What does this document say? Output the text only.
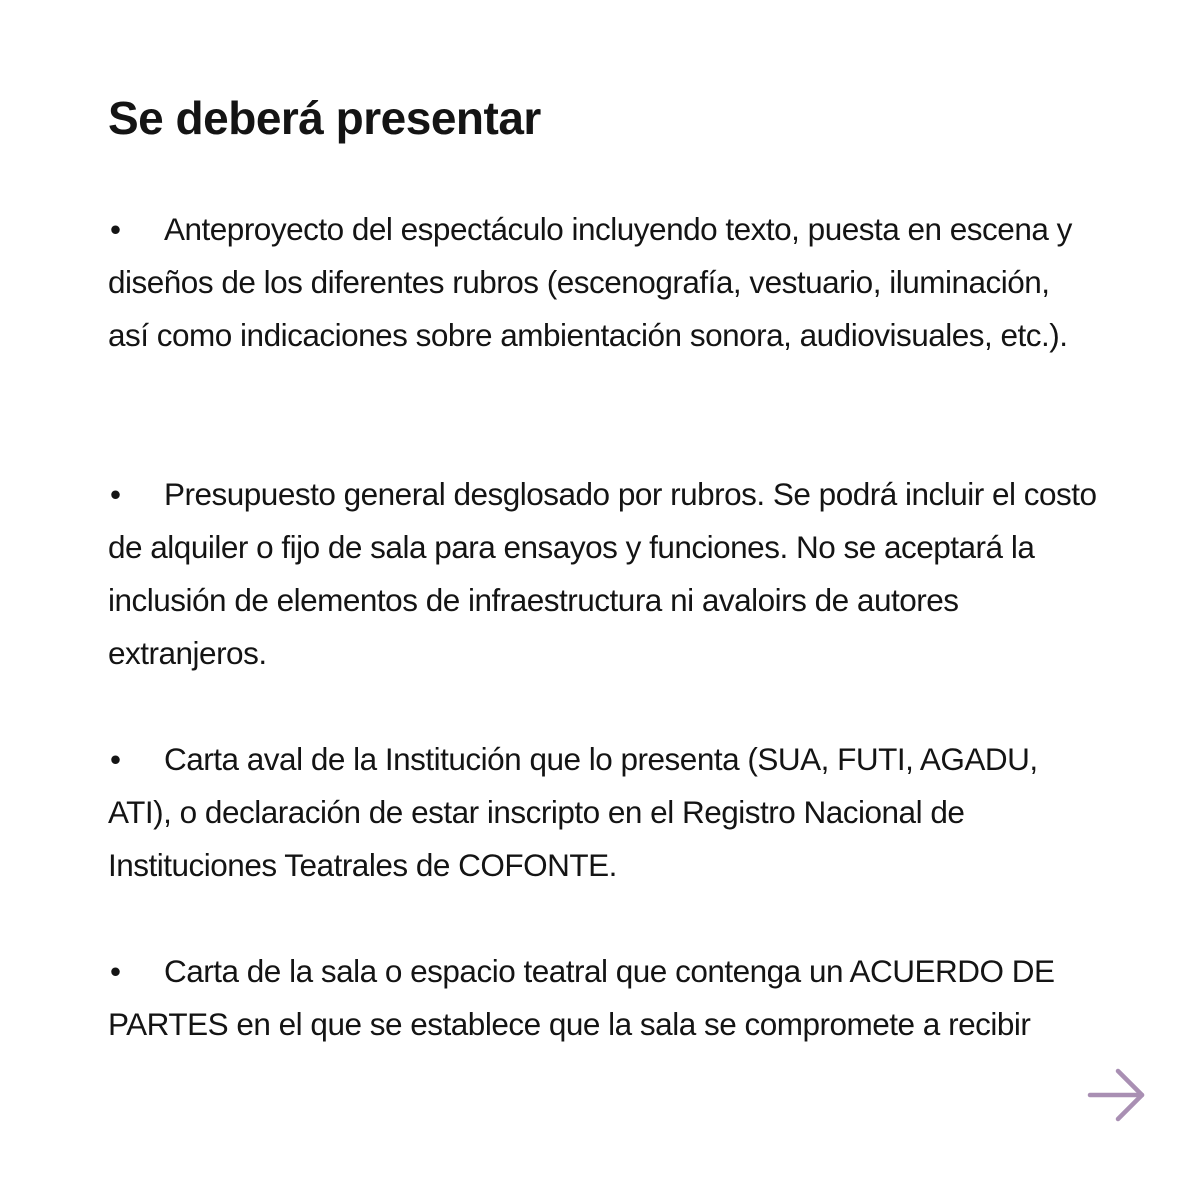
Se deberá presentar

• Anteproyecto del espectáculo incluyendo texto, puesta en escena y diseños de los diferentes rubros (escenografía, vestuario, iluminación, así como indicaciones sobre ambientación sonora, audiovisuales, etc.).

• Presupuesto general desglosado por rubros. Se podrá incluir el costo de alquiler o fijo de sala para ensayos y funciones. No se aceptará la inclusión de elementos de infraestructura ni avaloirs de autores extranjeros.

• Carta aval de la Institución que lo presenta (SUA, FUTI, AGADU, ATI), o declaración de estar inscripto en el Registro Nacional de Instituciones Teatrales de COFONTE.

• Carta de la sala o espacio teatral que contenga un ACUERDO DE PARTES en el que se establece que la sala se compromete a recibir
